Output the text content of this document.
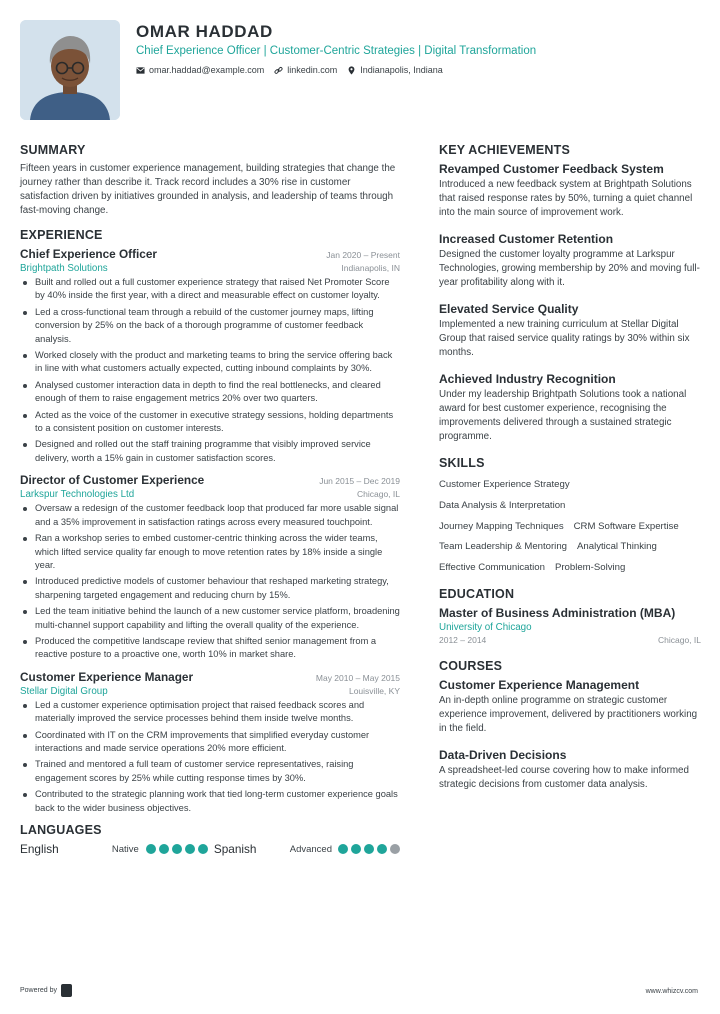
OMAR HADDAD
Chief Experience Officer | Customer-Centric Strategies | Digital Transformation
omar.haddad@example.com	linkedin.com	Indianapolis, Indiana
SUMMARY
Fifteen years in customer experience management, building strategies that change the journey rather than describe it. Track record includes a 30% rise in customer satisfaction driven by initiatives grounded in analysis, and leadership of teams through fast-moving change.
EXPERIENCE
Chief Experience Officer	Jan 2020 – Present
Brightpath Solutions	Indianapolis, IN
Built and rolled out a full customer experience strategy that raised Net Promoter Score by 40% inside the first year, with a direct and measurable effect on customer loyalty.
Led a cross-functional team through a rebuild of the customer journey maps, lifting conversion by 25% on the back of a thorough programme of customer feedback analysis.
Worked closely with the product and marketing teams to bring the service offering back in line with what customers actually expected, cutting inbound complaints by 30%.
Analysed customer interaction data in depth to find the real bottlenecks, and cleared enough of them to raise engagement metrics 20% over two quarters.
Acted as the voice of the customer in executive strategy sessions, holding departments to a consistent position on customer interests.
Designed and rolled out the staff training programme that visibly improved service delivery, worth a 15% gain in customer satisfaction scores.
Director of Customer Experience	Jun 2015 – Dec 2019
Larkspur Technologies Ltd	Chicago, IL
Oversaw a redesign of the customer feedback loop that produced far more usable signal and a 35% improvement in satisfaction ratings across every measured touchpoint.
Ran a workshop series to embed customer-centric thinking across the wider teams, which lifted service quality far enough to move retention rates by 18% inside a single year.
Introduced predictive models of customer behaviour that reshaped marketing strategy, sharpening targeted engagement and reducing churn by 15%.
Led the team initiative behind the launch of a new customer service platform, broadening multi-channel support capability and lifting the overall quality of the experience.
Produced the competitive landscape review that shifted senior management from a reactive posture to a proactive one, worth 10% in market share.
Customer Experience Manager	May 2010 – May 2015
Stellar Digital Group	Louisville, KY
Led a customer experience optimisation project that raised feedback scores and materially improved the service processes behind them inside twelve months.
Coordinated with IT on the CRM improvements that simplified everyday customer interactions and made service operations 20% more efficient.
Trained and mentored a full team of customer service representatives, raising engagement scores by 25% while cutting response times by 30%.
Contributed to the strategic planning work that tied long-term customer experience goals back to the wider business objectives.
LANGUAGES
English	Native	Spanish	Advanced
KEY ACHIEVEMENTS
Revamped Customer Feedback System
Introduced a new feedback system at Brightpath Solutions that raised response rates by 50%, turning a quiet channel into the main source of improvement work.
Increased Customer Retention
Designed the customer loyalty programme at Larkspur Technologies, growing membership by 20% and moving full-year profitability along with it.
Elevated Service Quality
Implemented a new training curriculum at Stellar Digital Group that raised service quality ratings by 30% within six months.
Achieved Industry Recognition
Under my leadership Brightpath Solutions took a national award for best customer experience, recognising the improvements delivered through a sustained strategic programme.
SKILLS
Customer Experience Strategy
Data Analysis & Interpretation
Journey Mapping Techniques CRM Software Expertise
Team Leadership & Mentoring Analytical Thinking
Effective Communication Problem-Solving
EDUCATION
Master of Business Administration (MBA)
University of Chicago
2012 – 2014	Chicago, IL
COURSES
Customer Experience Management
An in-depth online programme on strategic customer experience improvement, delivered by practitioners working in the field.
Data-Driven Decisions
A spreadsheet-led course covering how to make informed strategic decisions from customer data analysis.
Powered by	www.whizcv.com
